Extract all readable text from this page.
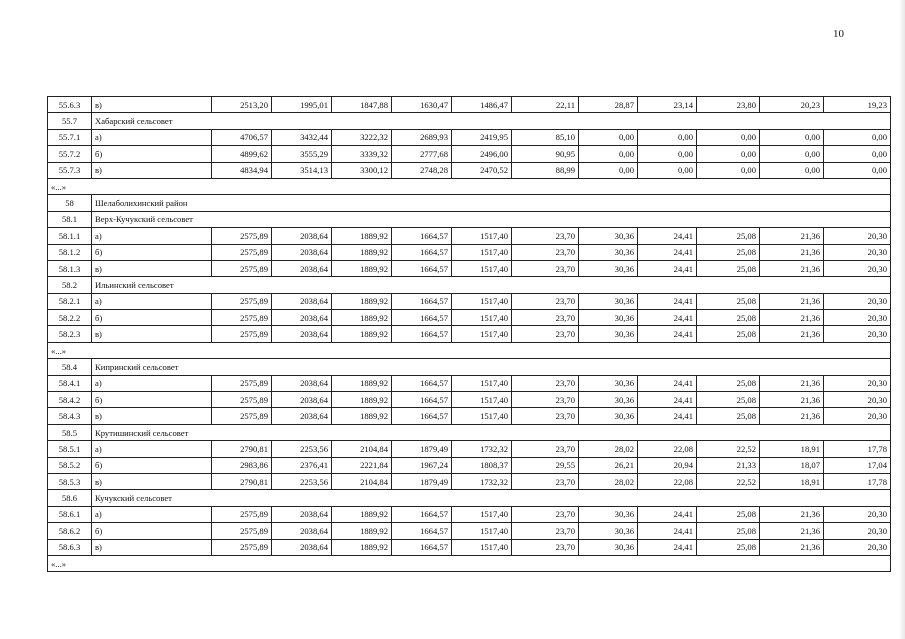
10
55.6.3	в)	2513,20	1995,01	1847,88	1630,47	1486,47	22,11	28,87	23,14	23,80	20,23	19,23
55.7	Хабарский сельсовет											
55.7.1	а)	4706,57	3432,44	3222,32	2689,93	2419,95	85,10	0,00	0,00	0,00	0,00	0,00
55.7.2	б)	4899,62	3555,29	3339,32	2777,68	2496,00	90,95	0,00	0,00	0,00	0,00	0,00
55.7.3	в)	4834,94	3514,13	3300,12	2748,28	2470,52	88,99	0,00	0,00	0,00	0,00	0,00
«...»												
58	Шелаболихинский район											
58.1	Верх-Кучукский сельсовет											
58.1.1	а)	2575,89	2038,64	1889,92	1664,57	1517,40	23,70	30,36	24,41	25,08	21,36	20,30
58.1.2	б)	2575,89	2038,64	1889,92	1664,57	1517,40	23,70	30,36	24,41	25,08	21,36	20,30
58.1.3	в)	2575,89	2038,64	1889,92	1664,57	1517,40	23,70	30,36	24,41	25,08	21,36	20,30
58.2	Ильинский сельсовет											
58.2.1	а)	2575,89	2038,64	1889,92	1664,57	1517,40	23,70	30,36	24,41	25,08	21,36	20,30
58.2.2	б)	2575,89	2038,64	1889,92	1664,57	1517,40	23,70	30,36	24,41	25,08	21,36	20,30
58.2.3	в)	2575,89	2038,64	1889,92	1664,57	1517,40	23,70	30,36	24,41	25,08	21,36	20,30
«...»												
58.4	Кипринский сельсовет											
58.4.1	а)	2575,89	2038,64	1889,92	1664,57	1517,40	23,70	30,36	24,41	25,08	21,36	20,30
58.4.2	б)	2575,89	2038,64	1889,92	1664,57	1517,40	23,70	30,36	24,41	25,08	21,36	20,30
58.4.3	в)	2575,89	2038,64	1889,92	1664,57	1517,40	23,70	30,36	24,41	25,08	21,36	20,30
58.5	Крутишинский сельсовет											
58.5.1	а)	2790,81	2253,56	2104,84	1879,49	1732,32	23,70	28,02	22,08	22,52	18,91	17,78
58.5.2	б)	2983,86	2376,41	2221,84	1967,24	1808,37	29,55	26,21	20,94	21,33	18,07	17,04
58.5.3	в)	2790,81	2253,56	2104,84	1879,49	1732,32	23,70	28,02	22,08	22,52	18,91	17,78
58.6	Кучукский сельсовет											
58.6.1	а)	2575,89	2038,64	1889,92	1664,57	1517,40	23,70	30,36	24,41	25,08	21,36	20,30
58.6.2	б)	2575,89	2038,64	1889,92	1664,57	1517,40	23,70	30,36	24,41	25,08	21,36	20,30
58.6.3	в)	2575,89	2038,64	1889,92	1664,57	1517,40	23,70	30,36	24,41	25,08	21,36	20,30
«...»												
